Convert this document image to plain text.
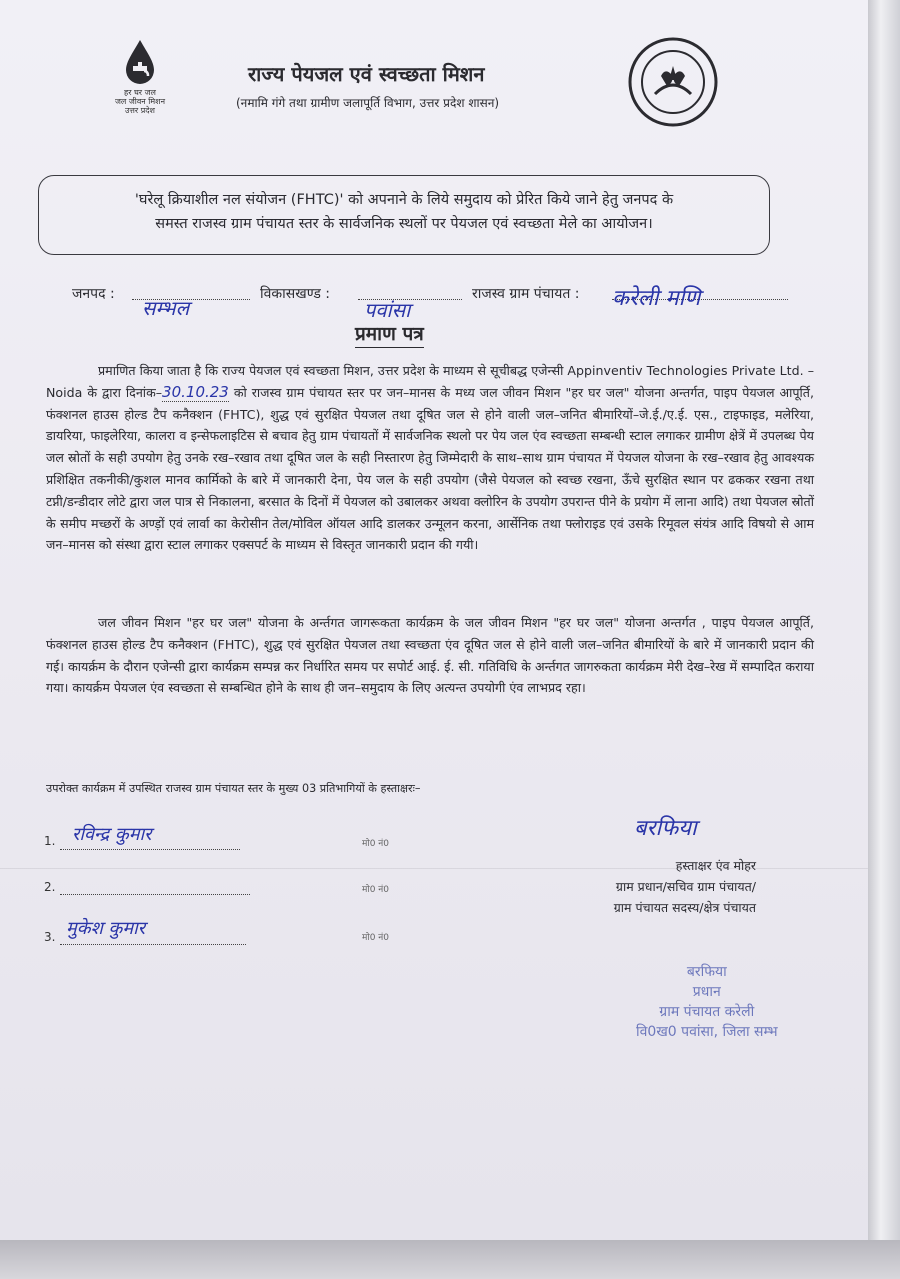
हर घर जल
जल जीवन मिशन
उत्तर प्रदेश
राज्य पेयजल एवं स्वच्छता मिशन
(नमामि गंगे तथा ग्रामीण जलापूर्ति विभाग, उत्तर प्रदेश शासन)
'घरेलू क्रियाशील नल संयोजन (FHTC)' को अपनाने के लिये समुदाय को प्रेरित किये जाने हेतु जनपद के
समस्त राजस्व ग्राम पंचायत स्तर के सार्वजनिक स्थलों पर पेयजल एवं स्वच्छता मेले का आयोजन।
जनपद :
सम्भल
विकासखण्ड :
पवांसा
राजस्व ग्राम पंचायत : करेली मणि
प्रमाण पत्र
प्रमाणित किया जाता है कि राज्य पेयजल एवं स्वच्छता मिशन, उत्तर प्रदेश के माध्यम से सूचीबद्ध एजेन्सी Appinventiv Technologies Private Ltd. – Noida के द्वारा दिनांक–30.10.23 को राजस्व ग्राम पंचायत स्तर पर जन–मानस के मध्य जल जीवन मिशन "हर घर जल" योजना अन्तर्गत, पाइप पेयजल आपूर्ति, फंक्शनल हाउस होल्ड टैप कनैक्शन (FHTC), शुद्ध एवं सुरक्षित पेयजल तथा दूषित जल से होने वाली जल–जनित बीमारियों–जे.ई./ए.ई. एस., टाइफाइड, मलेरिया, डायरिया, फाइलेरिया, कालरा व इन्सेफलाइटिस से बचाव हेतु ग्राम पंचायतों में सार्वजनिक स्थलो पर पेय जल एंव स्वच्छता सम्बन्धी स्टाल लगाकर ग्रामीण क्षेत्रें में उपलब्ध पेय जल स्रोतों के सही उपयोग हेतु उनके रख–रखाव तथा दूषित जल के सही निस्तारण हेतु जिम्मेदारी के साथ–साथ ग्राम पंचायत में पेयजल योजना के रख–रखाव हेतु आवश्यक प्रशिक्षित तकनीकी/कुशल मानव कार्मिको के बारे में जानकारी देना, पेय जल के सही उपयोग (जैसे पेयजल को स्वच्छ रखना, ऊँचे सुरक्षित स्थान पर ढककर रखना तथा टप्नी/डन्डीदार लोटे द्वारा जल पात्र से निकालना, बरसात के दिनों में पेयजल को उबालकर अथवा क्लोरिन के उपयोग उपरान्त पीने के प्रयोग में लाना आदि) तथा पेयजल स्रोतों के समीप मच्छरों के अण्ड़ों एवं लार्वा का केरोसीन तेल/मोविल ऑयल आदि डालकर उन्मूलन करना, आर्सेनिक तथा फ्लोराइड एवं उसके रिमूवल संयंत्र आदि विषयो से आम जन–मानस को संस्था द्वारा स्टाल लगाकर एक्सपर्ट के माध्यम से विस्तृत जानकारी प्रदान की गयी।
जल जीवन मिशन "हर घर जल" योजना के अर्न्तगत जागरूकता कार्यक्रम के जल जीवन मिशन "हर घर जल" योजना अन्तर्गत , पाइप पेयजल आपूर्ति, फंक्शनल हाउस होल्ड टैप कनैक्शन (FHTC), शुद्ध एवं सुरक्षित पेयजल तथा स्वच्छता एंव दूषित जल से होने वाली जल–जनित बीमारियों के बारे में जानकारी प्रदान की गई। कायर्क्रम के दौरान एजेन्सी द्वारा कार्यक्रम सम्पन्न कर निर्धारित समय पर सपोर्ट आई. ई. सी. गतिविधि के अर्न्तगत जागरुकता कार्यक्रम मेरी देख–रेख में सम्पादित कराया गया। कायर्क्रम पेयजल एंव स्वच्छता से सम्बन्धित होने के साथ ही जन–समुदाय के लिए अत्यन्त उपयोगी एंव लाभप्रद रहा।
उपरोक्त कार्यक्रम में उपस्थित राजस्व ग्राम पंचायत स्तर के मुख्य 03 प्रतिभागियों के हस्ताक्षरः–
1. रविन्द्र कुमार	मो0 नं0
2.	मो0 नं0
3. मुकेश कुमार	मो0 नं0
बरफिया
हस्ताक्षर एंव मोहर
ग्राम प्रधान/सचिव ग्राम पंचायत/
ग्राम पंचायत सदस्य/क्षेत्र पंचायत
बरफिया
प्रधान
ग्राम पंचायत करेली
वि0ख0 पवांसा, जिला सम्भ
